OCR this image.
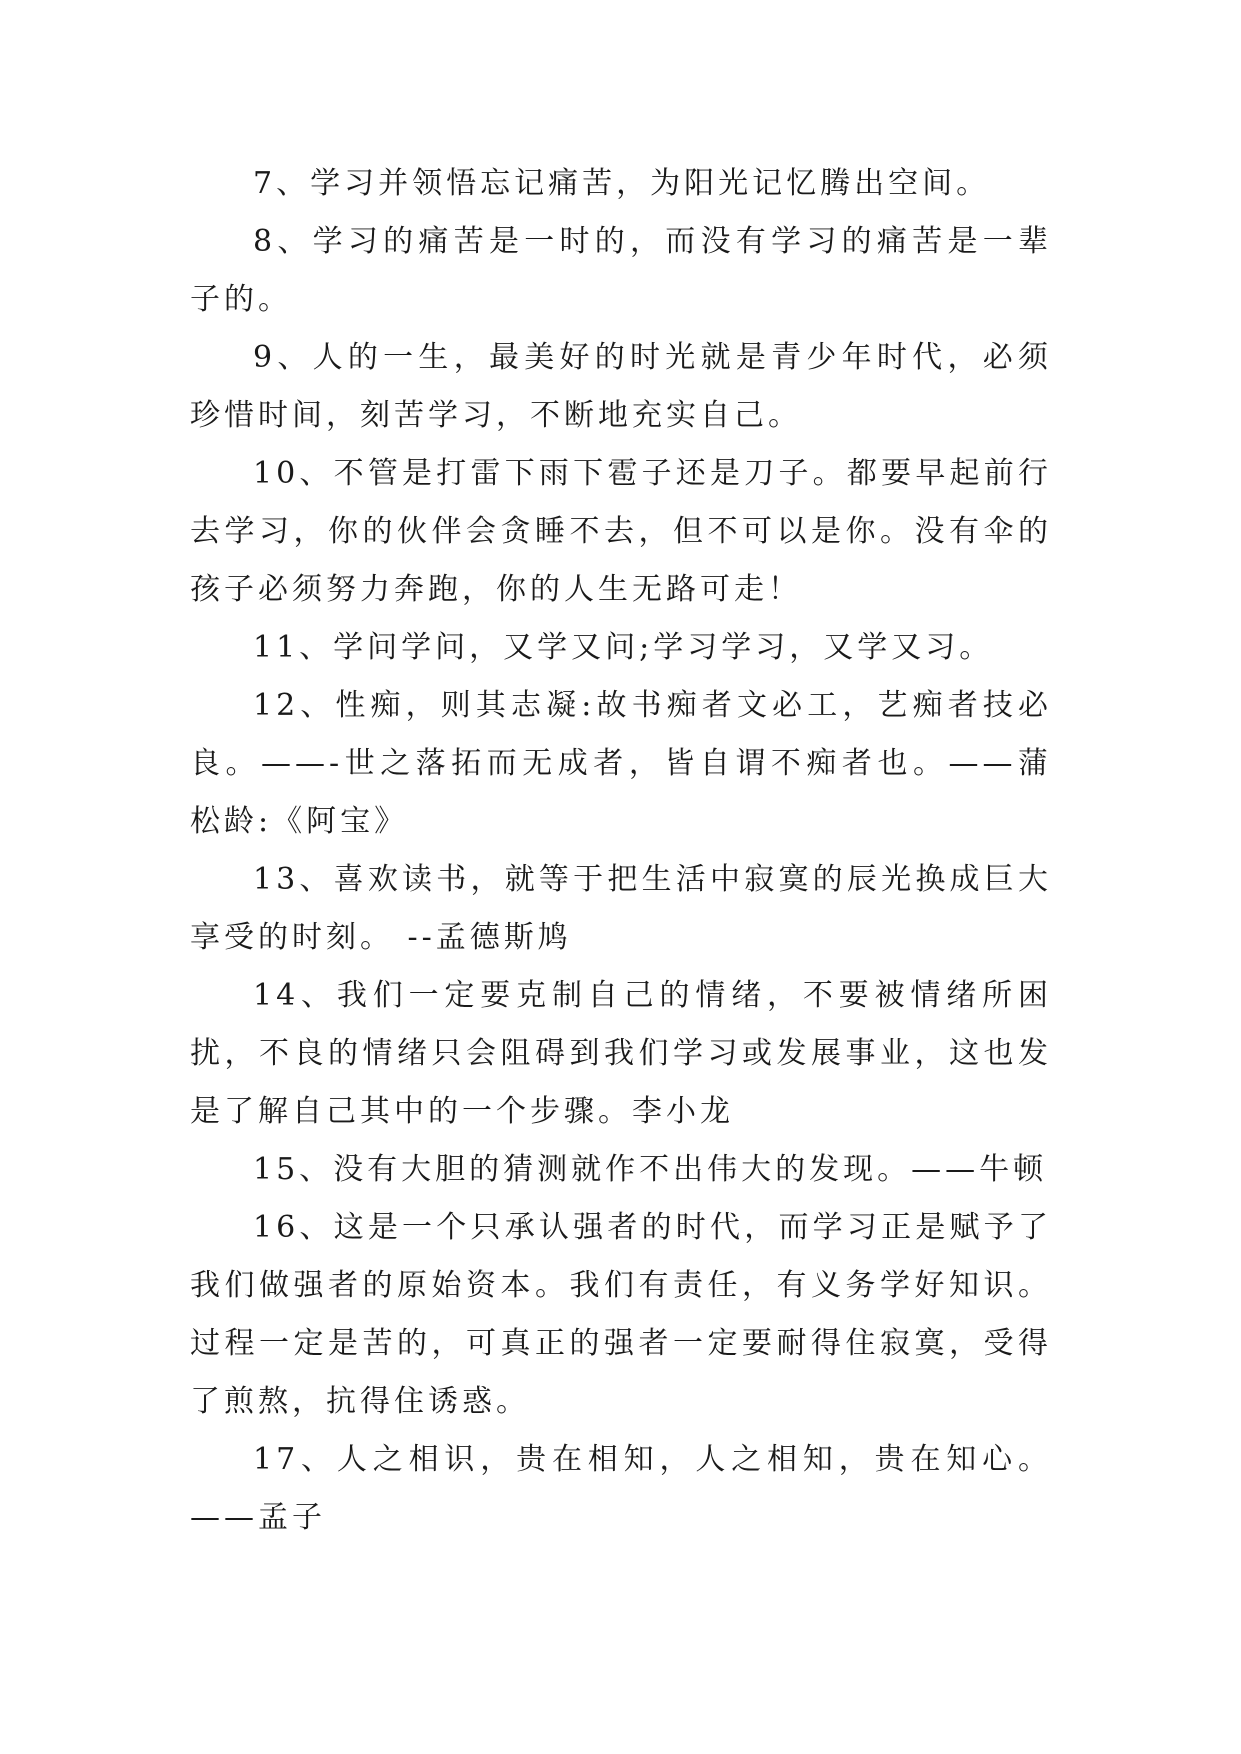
7、学习并领悟忘记痛苦，为阳光记忆腾出空间。

8、学习的痛苦是一时的，而没有学习的痛苦是一辈子的。

9、人的一生，最美好的时光就是青少年时代，必须珍惜时间，刻苦学习，不断地充实自己。

10、不管是打雷下雨下雹子还是刀子。都要早起前行去学习，你的伙伴会贪睡不去，但不可以是你。没有伞的孩子必须努力奔跑，你的人生无路可走！

11、学问学问，又学又问;学习学习，又学又习。

12、性痴，则其志凝:故书痴者文必工，艺痴者技必良。——-世之落拓而无成者，皆自谓不痴者也。——蒲松龄:《阿宝》

13、喜欢读书，就等于把生活中寂寞的辰光换成巨大享受的时刻。 --孟德斯鸠

14、我们一定要克制自己的情绪，不要被情绪所困扰，不良的情绪只会阻碍到我们学习或发展事业，这也发是了解自己其中的一个步骤。李小龙

15、没有大胆的猜测就作不出伟大的发现。——牛顿

16、这是一个只承认强者的时代，而学习正是赋予了我们做强者的原始资本。我们有责任，有义务学好知识。过程一定是苦的，可真正的强者一定要耐得住寂寞，受得了煎熬，抗得住诱惑。

17、人之相识，贵在相知，人之相知，贵在知心。——孟子
